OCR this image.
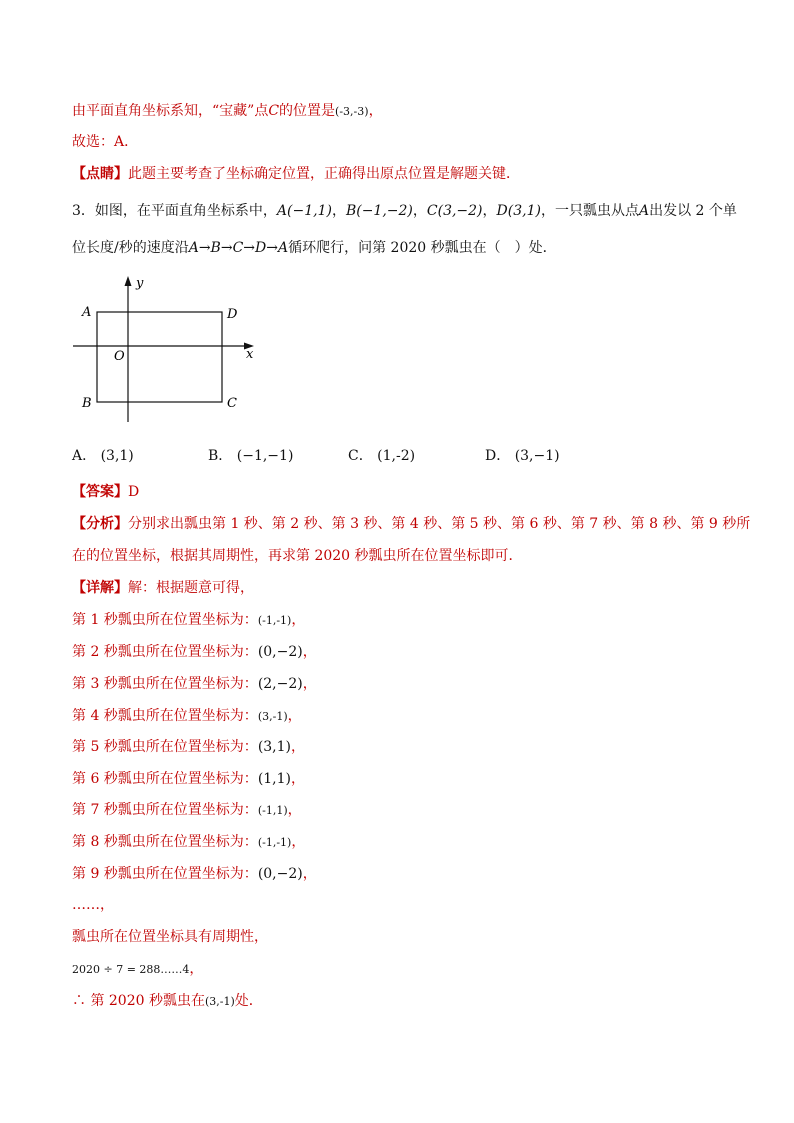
由平面直角坐标系知，“宝藏”点C的位置是(-3,-3)，
故选：A．
【点睛】此题主要考查了坐标确定位置，正确得出原点位置是解题关键．
3．如图，在平面直角坐标系中，A(−1,1)，B(−1,−2)，C(3,−2)，D(3,1)，一只瓢虫从点A出发以 2 个单
位长度/秒的速度沿A→B→C→D→A循环爬行，问第 2020 秒瓢虫在（　）处．
y
x
O
A
B	C
D
A． (3,1)	B． (−1,−1)	C． (1,-2)	D． (3,−1)
【答案】D
【分析】分别求出瓢虫第 1 秒、第 2 秒、第 3 秒、第 4 秒、第 5 秒、第 6 秒、第 7 秒、第 8 秒、第 9 秒所
在的位置坐标，根据其周期性，再求第 2020 秒瓢虫所在位置坐标即可．
【详解】解：根据题意可得，
第 1 秒瓢虫所在位置坐标为：(-1,-1)，
第 2 秒瓢虫所在位置坐标为：(0,−2)，
第 3 秒瓢虫所在位置坐标为：(2,−2)，
第 4 秒瓢虫所在位置坐标为：(3,-1)，
第 5 秒瓢虫所在位置坐标为：(3,1)，
第 6 秒瓢虫所在位置坐标为：(1,1)，
第 7 秒瓢虫所在位置坐标为：(-1,1)，
第 8 秒瓢虫所在位置坐标为：(-1,-1)，
第 9 秒瓢虫所在位置坐标为：(0,−2)，
……，
瓢虫所在位置坐标具有周期性，
2020 ÷ 7 = 288……4，
∴ 第 2020 秒瓢虫在(3,-1)处．
